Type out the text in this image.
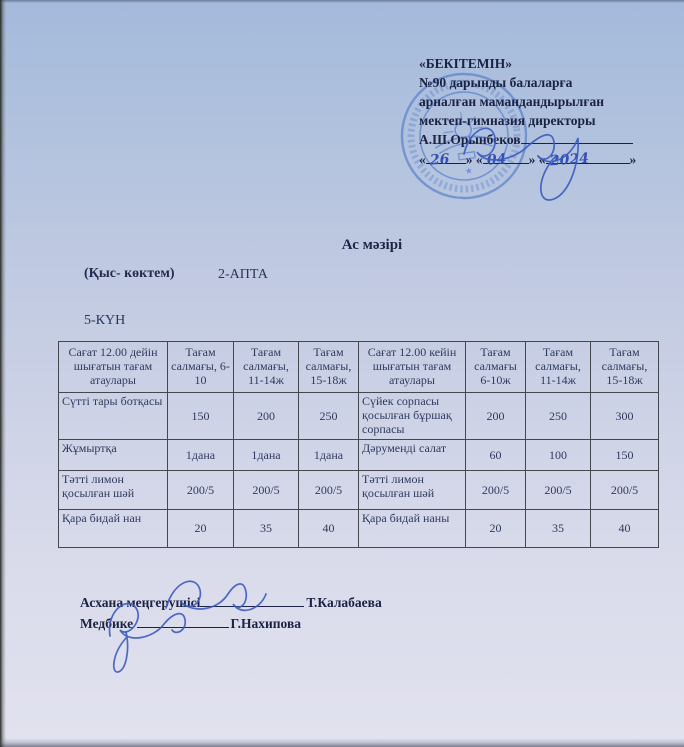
★
«БЕКІТЕМІН»
№90 дарынды балаларға
арналған мамандандырылған
мектеп-гимназия директоры
А.Ш.Орынбеков
« 26 » « 04 » « 2024	»
Ас мәзірі
(Қыс- көктем)	2-АПТА
5-КҮН
Сағат 12.00 дейін шығатын тағам атаулары	Тағам салмағы, 6-10	Тағам салмағы, 11-14ж	Тағам салмағы, 15-18ж	Сағат 12.00 кейін шығатын тағам атаулары	Тағам салмағы 6-10ж	Тағам салмағы, 11-14ж	Тағам салмағы, 15-18ж
Сүтті тары ботқасы	150	200	250	Сүйек сорпасы қосылған бұршақ сорпасы	200	250	300
Жұмыртқа	1дана	1дана	1дана	Дәруменді салат	60	100	150
Тәтті лимон қосылған шәй	200/5	200/5	200/5	Тәтті лимон қосылған шәй	200/5	200/5	200/5
Қара бидай нан	20	35	40	Қара бидай наны	20	35	40
Асхана меңгерушісі	Т.Калабаева
Медбике	Г.Нахипова
